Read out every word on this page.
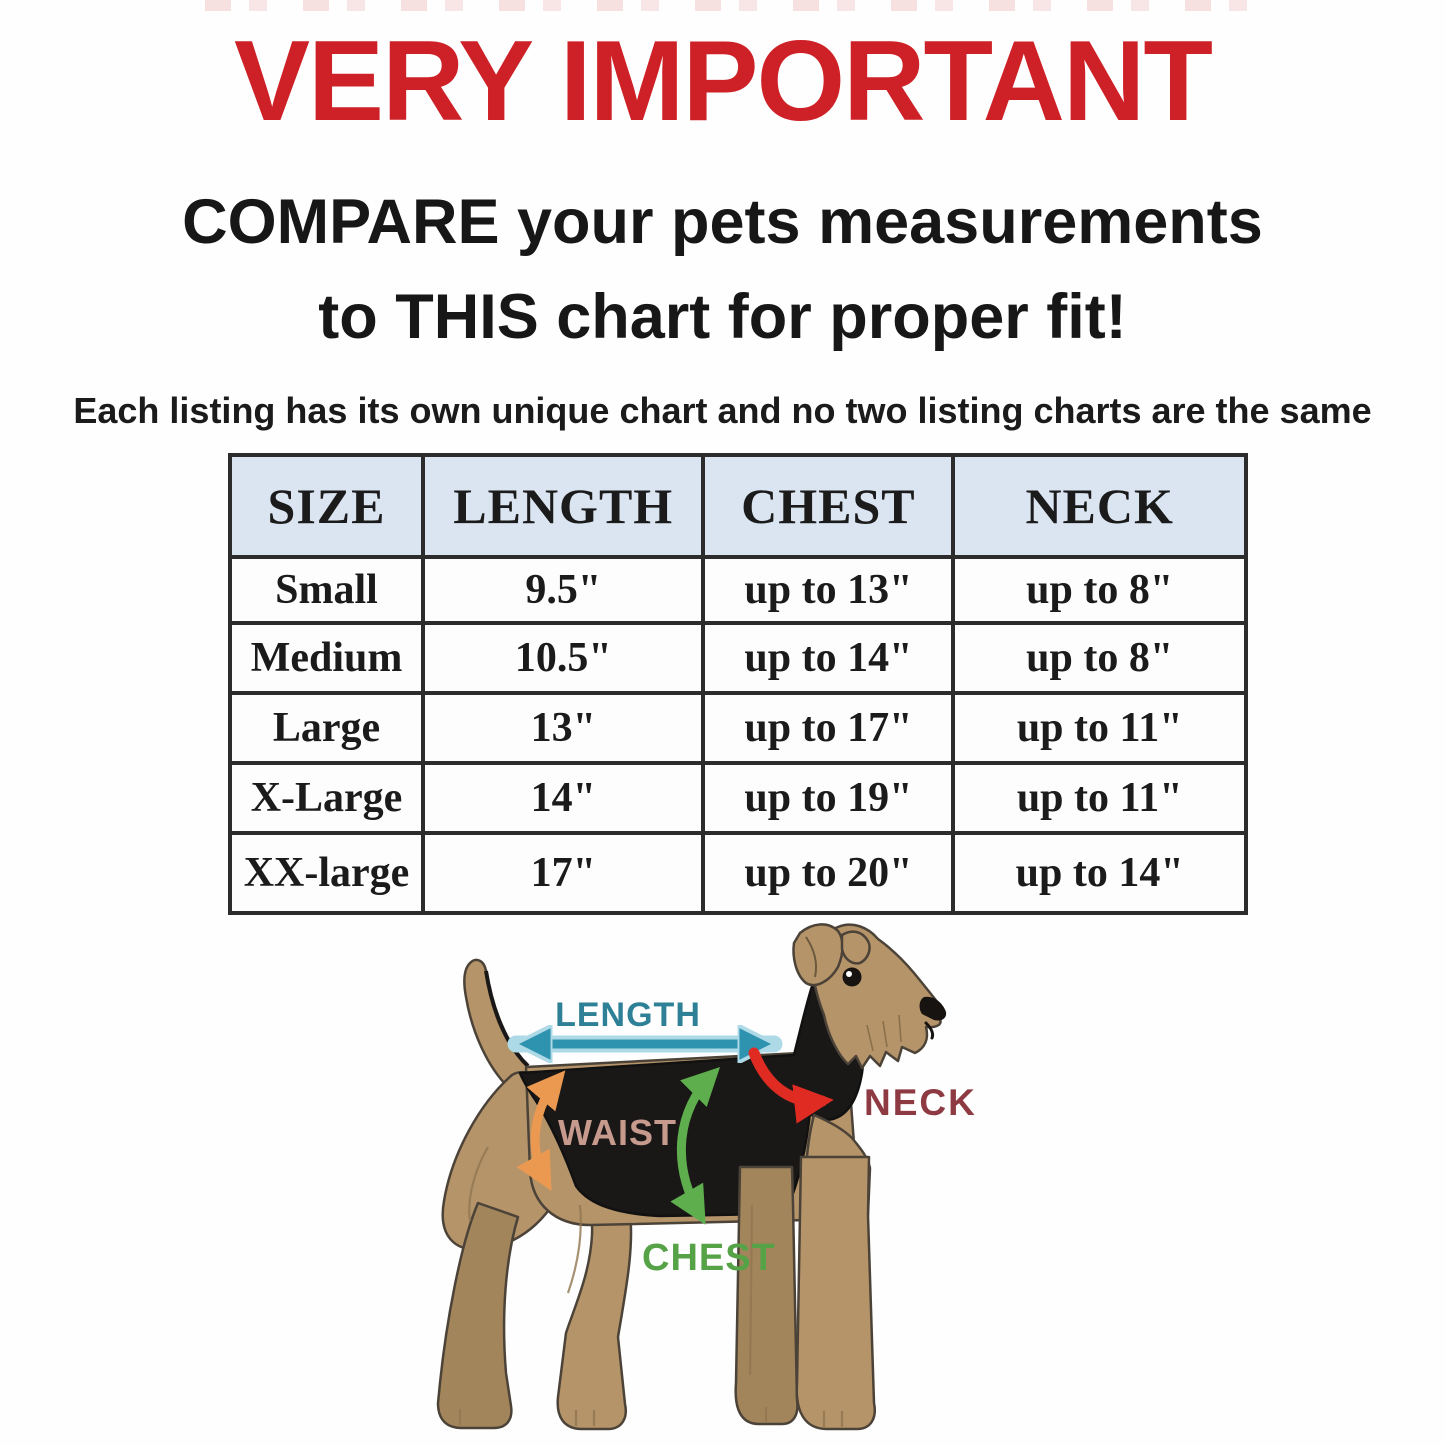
VERY IMPORTANT
COMPARE your pets measurements
to THIS chart for proper fit!
Each listing has its own unique chart and no two listing charts are the same
SIZE	LENGTH	CHEST	NECK
Small	9.5"	up to 13"	up to 8"
Medium	10.5"	up to 14"	up to 8"
Large	13"	up to 17"	up to 11"
X-Large	14"	up to 19"	up to 11"
XX-large	17"	up to 20"	up to 14"
LENGTH
WAIST
NECK
CHEST
